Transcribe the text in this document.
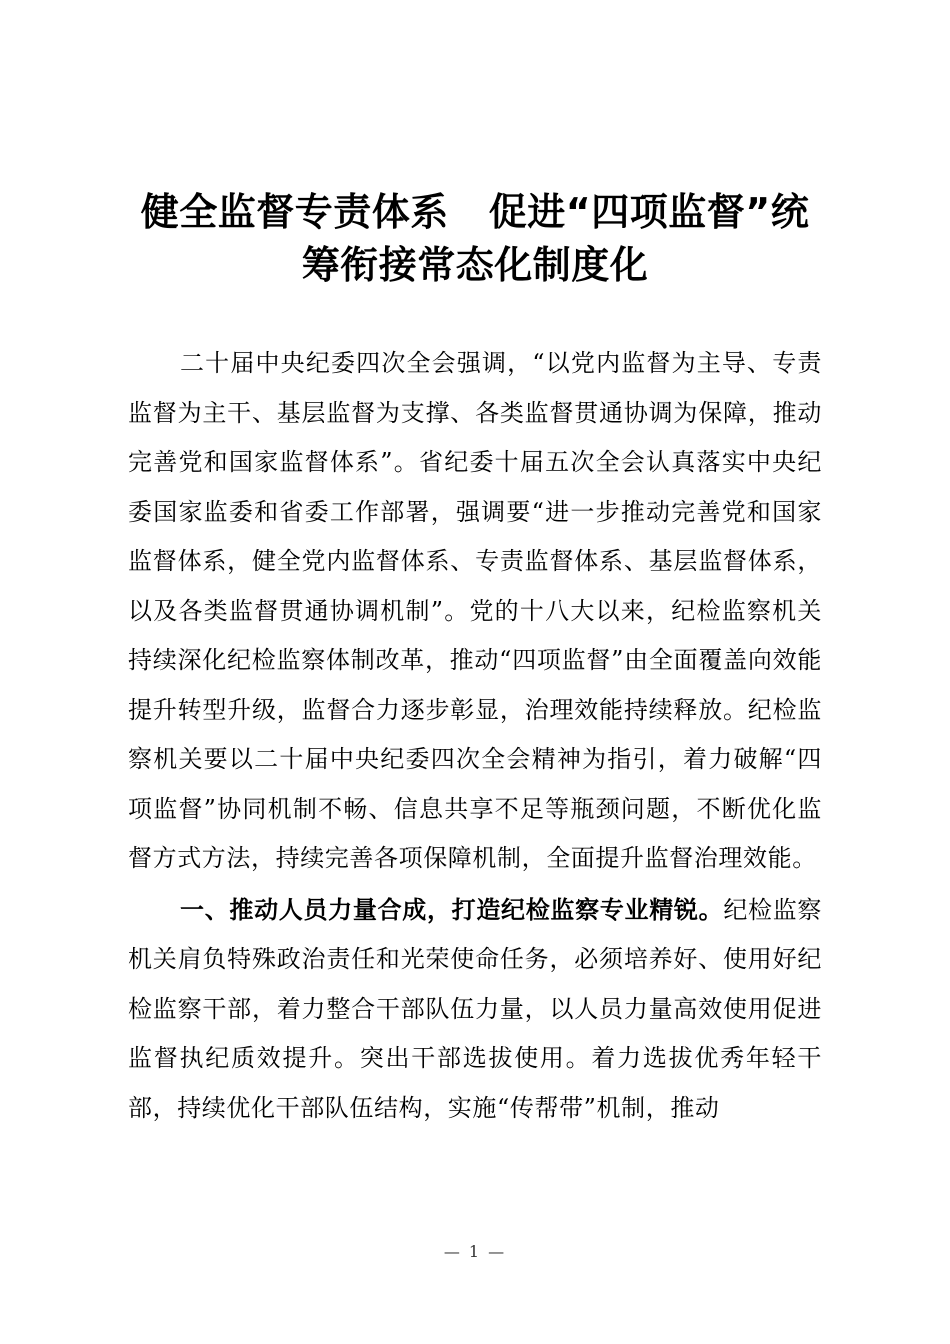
健全监督专责体系 促进“四项监督”统
筹衔接常态化制度化

二十届中央纪委四次全会强调，“以党内监督为主导、专责监督为主干、基层监督为支撑、各类监督贯通协调为保障，推动完善党和国家监督体系”。省纪委十届五次全会认真落实中央纪委国家监委和省委工作部署，强调要“进一步推动完善党和国家监督体系，健全党内监督体系、专责监督体系、基层监督体系，以及各类监督贯通协调机制”。党的十八大以来，纪检监察机关持续深化纪检监察体制改革，推动“四项监督”由全面覆盖向效能提升转型升级，监督合力逐步彰显，治理效能持续释放。纪检监察机关要以二十届中央纪委四次全会精神为指引，着力破解“四项监督”协同机制不畅、信息共享不足等瓶颈问题，不断优化监督方式方法，持续完善各项保障机制，全面提升监督治理效能。

一、推动人员力量合成，打造纪检监察专业精锐。纪检监察机关肩负特殊政治责任和光荣使命任务，必须培养好、使用好纪检监察干部，着力整合干部队伍力量，以人员力量高效使用促进监督执纪质效提升。突出干部选拔使用。着力选拔优秀年轻干部，持续优化干部队伍结构，实施“传帮带”机制，推动

— 1 —
